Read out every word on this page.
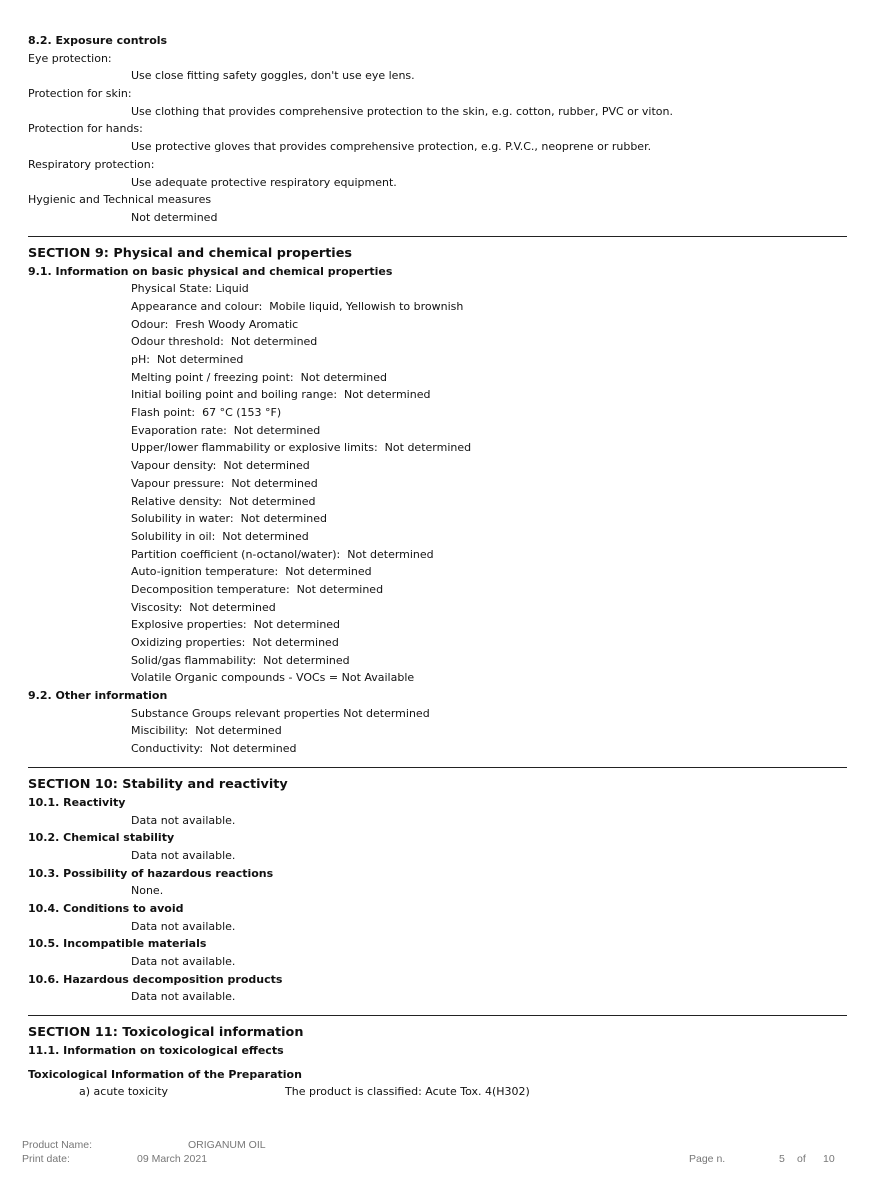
8.2. Exposure controls
Eye protection:
Use close fitting safety goggles, don't use eye lens.
Protection for skin:
Use clothing that provides comprehensive protection to the skin, e.g. cotton, rubber, PVC or viton.
Protection for hands:
Use protective gloves that provides comprehensive protection, e.g. P.V.C., neoprene or rubber.
Respiratory protection:
Use adequate protective respiratory equipment.
Hygienic and Technical measures
Not determined
SECTION 9: Physical and chemical properties
9.1. Information on basic physical and chemical properties
Physical State: Liquid
Appearance and colour:  Mobile liquid, Yellowish to brownish
Odour:  Fresh Woody Aromatic
Odour threshold:  Not determined
pH:  Not determined
Melting point / freezing point:  Not determined
Initial boiling point and boiling range:  Not determined
Flash point:  67 °C (153 °F)
Evaporation rate:  Not determined
Upper/lower flammability or explosive limits:  Not determined
Vapour density:  Not determined
Vapour pressure:  Not determined
Relative density:  Not determined
Solubility in water:  Not determined
Solubility in oil:  Not determined
Partition coefficient (n-octanol/water):  Not determined
Auto-ignition temperature:  Not determined
Decomposition temperature:  Not determined
Viscosity:  Not determined
Explosive properties:  Not determined
Oxidizing properties:  Not determined
Solid/gas flammability:  Not determined
Volatile Organic compounds - VOCs = Not Available
9.2. Other information
Substance Groups relevant properties Not determined
Miscibility:  Not determined
Conductivity:  Not determined
SECTION 10: Stability and reactivity
10.1. Reactivity
Data not available.
10.2. Chemical stability
Data not available.
10.3. Possibility of hazardous reactions
None.
10.4. Conditions to avoid
Data not available.
10.5. Incompatible materials
Data not available.
10.6. Hazardous decomposition products
Data not available.
SECTION 11: Toxicological information
11.1. Information on toxicological effects
Toxicological Information of the Preparation
a) acute toxicity	The product is classified: Acute Tox. 4(H302)
Product Name:	ORIGANUM OIL
Print date:	09 March 2021	Page n.	5 of 10
